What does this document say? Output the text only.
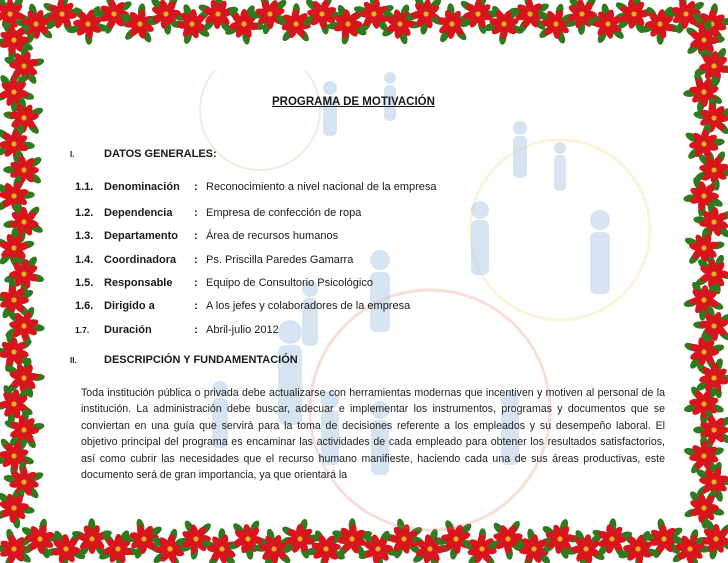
PROGRAMA DE MOTIVACIÓN
I.	DATOS GENERALES:
1.1. Denominación : Reconocimiento a nivel nacional de la empresa
1.2. Dependencia : Empresa de confección de ropa
1.3. Departamento : Área de recursos humanos
1.4. Coordinadora : Ps. Priscilla Paredes Gamarra
1.5. Responsable : Equipo de Consultorio Psicológico
1.6. Dirigido a	: A los jefes y colaboradores de la empresa
1.7. Duración	: Abril-julio 2012
II. DESCRIPCIÓN Y FUNDAMENTACIÓN
Toda institución pública o privada debe actualizarse con herramientas modernas que incentiven y motiven al personal de la institución. La administración debe buscar, adecuar e implementar los instrumentos, programas y documentos que se conviertan en una guía que servirá para la toma de decisiones referente a los empleados y su desempeño laboral. El objetivo principal del programa es encaminar las actividades de cada empleado para obtener los resultados satisfactorios, así como cubrir las necesidades que el recurso humano manifieste, haciendo cada una de sus áreas productivas, este documento será de gran importancia, ya que orientará la
